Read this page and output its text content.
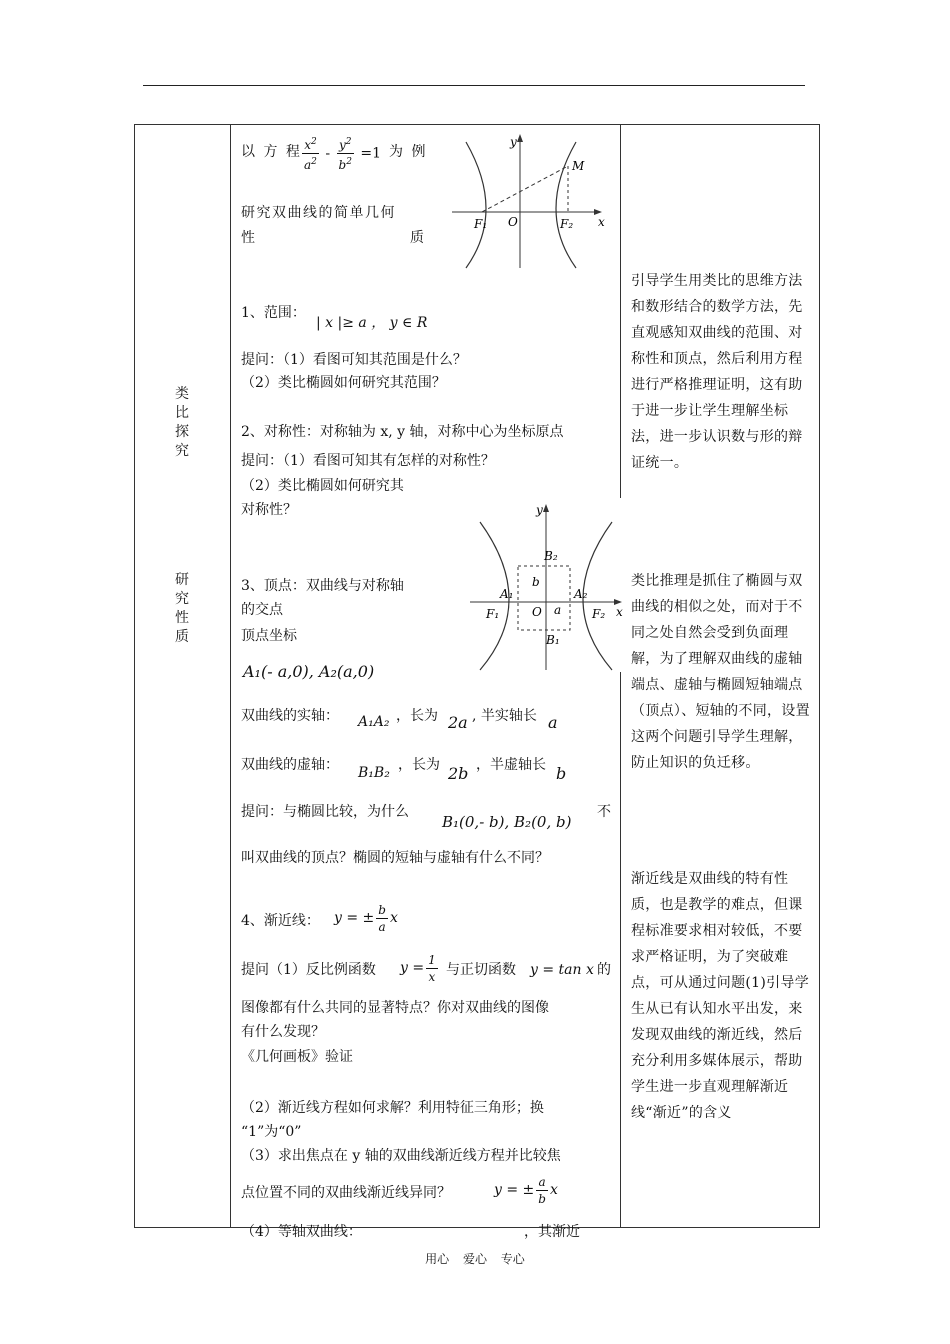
类比探究
研究性质
以 方 程 $\frac{x^2}{a^2} - \frac{y^2}{b^2} =1$ 为 例
研究双曲线的简单几何
性	质
y
x
M
F₁ O	F₂
1、范围：
| x |≥ a ， y ∈ R
提问：（1）看图可知其范围是什么？
（2）类比椭圆如何研究其范围？
2、对称性：对称轴为 x, y 轴，对称中心为坐标原点
提问：（1）看图可知其有怎样的对称性？
（2）类比椭圆如何研究其
对称性？	y
x
B₂
b
A₁
O a
A₂
F₁	F₂
B₁
3、顶点：双曲线与对称轴
的交点
顶点坐标
A₁(- a,0), A₂(a,0)
双曲线的实轴： A₁A₂ ，长为 2a , 半实轴长 a
双曲线的虚轴： B₁B₂ ，长为 2b ，半虚轴长 b
提问：与椭圆比较，为什么
B₁(0,- b), B₂(0, b)
不
叫双曲线的顶点？椭圆的短轴与虚轴有什么不同？
4、渐近线： y = ± $\frac{b}{a}$ x
提问（1）反比例函数 $y = \frac{1}{x}$ 与正切函数 y = tan x 的
图像都有什么共同的显著特点？你对双曲线的图像
有什么发现？
《几何画板》验证
（2）渐近线方程如何求解？利用特征三角形；换
“1”为“0”
（3）求出焦点在 y 轴的双曲线渐近线方程并比较焦
点位置不同的双曲线渐近线异同？	y = ± $\frac{a}{b}$ x
（4）等轴双曲线：	，其渐近

引导学生用类比的思维方法和数形结合的数学方法，先直观感知双曲线的范围、对称性和顶点，然后利用方程进行严格推理证明，这有助于进一步让学生理解坐标法，进一步认识数与形的辩证统一。

类比推理是抓住了椭圆与双曲线的相似之处，而对于不同之处自然会受到负面理解，为了理解双曲线的虚轴端点、虚轴与椭圆短轴端点（顶点）、短轴的不同，设置这两个问题引导学生理解，防止知识的负迁移。

渐近线是双曲线的特有性质，也是教学的难点，但课程标准要求相对较低，不要求严格证明，为了突破难点，可从通过问题(1)引导学生从已有认知水平出发，来发现双曲线的渐近线，然后充分利用多媒体展示，帮助学生进一步直观理解渐近线“渐近”的含义

用心 爱心 专心
